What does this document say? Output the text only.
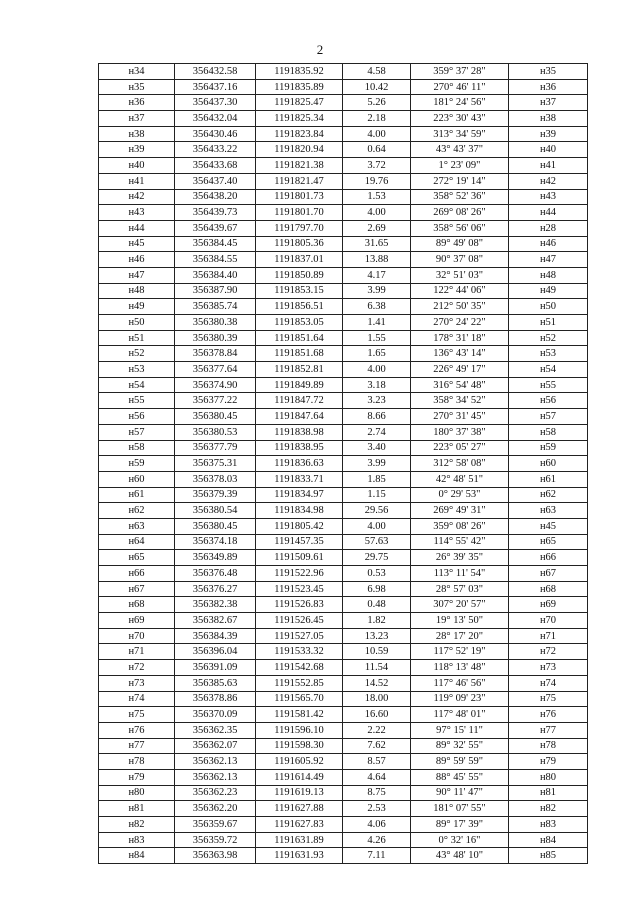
2
н34	356432.58	1191835.92	4.58	359° 37' 28"	н35
н35	356437.16	1191835.89	10.42	270° 46' 11"	н36
н36	356437.30	1191825.47	5.26	181° 24' 56"	н37
н37	356432.04	1191825.34	2.18	223° 30' 43"	н38
н38	356430.46	1191823.84	4.00	313° 34' 59"	н39
н39	356433.22	1191820.94	0.64	43° 43' 37"	н40
н40	356433.68	1191821.38	3.72	1° 23' 09"	н41
н41	356437.40	1191821.47	19.76	272° 19' 14"	н42
н42	356438.20	1191801.73	1.53	358° 52' 36"	н43
н43	356439.73	1191801.70	4.00	269° 08' 26"	н44
н44	356439.67	1191797.70	2.69	358° 56' 06"	н28
н45	356384.45	1191805.36	31.65	89° 49' 08"	н46
н46	356384.55	1191837.01	13.88	90° 37' 08"	н47
н47	356384.40	1191850.89	4.17	32° 51' 03"	н48
н48	356387.90	1191853.15	3.99	122° 44' 06"	н49
н49	356385.74	1191856.51	6.38	212° 50' 35"	н50
н50	356380.38	1191853.05	1.41	270° 24' 22"	н51
н51	356380.39	1191851.64	1.55	178° 31' 18"	н52
н52	356378.84	1191851.68	1.65	136° 43' 14"	н53
н53	356377.64	1191852.81	4.00	226° 49' 17"	н54
н54	356374.90	1191849.89	3.18	316° 54' 48"	н55
н55	356377.22	1191847.72	3.23	358° 34' 52"	н56
н56	356380.45	1191847.64	8.66	270° 31' 45"	н57
н57	356380.53	1191838.98	2.74	180° 37' 38"	н58
н58	356377.79	1191838.95	3.40	223° 05' 27"	н59
н59	356375.31	1191836.63	3.99	312° 58' 08"	н60
н60	356378.03	1191833.71	1.85	42° 48' 51"	н61
н61	356379.39	1191834.97	1.15	0° 29' 53"	н62
н62	356380.54	1191834.98	29.56	269° 49' 31"	н63
н63	356380.45	1191805.42	4.00	359° 08' 26"	н45
н64	356374.18	1191457.35	57.63	114° 55' 42"	н65
н65	356349.89	1191509.61	29.75	26° 39' 35"	н66
н66	356376.48	1191522.96	0.53	113° 11' 54"	н67
н67	356376.27	1191523.45	6.98	28° 57' 03"	н68
н68	356382.38	1191526.83	0.48	307° 20' 57"	н69
н69	356382.67	1191526.45	1.82	19° 13' 50"	н70
н70	356384.39	1191527.05	13.23	28° 17' 20"	н71
н71	356396.04	1191533.32	10.59	117° 52' 19"	н72
н72	356391.09	1191542.68	11.54	118° 13' 48"	н73
н73	356385.63	1191552.85	14.52	117° 46' 56"	н74
н74	356378.86	1191565.70	18.00	119° 09' 23"	н75
н75	356370.09	1191581.42	16.60	117° 48' 01"	н76
н76	356362.35	1191596.10	2.22	97° 15' 11"	н77
н77	356362.07	1191598.30	7.62	89° 32' 55"	н78
н78	356362.13	1191605.92	8.57	89° 59' 59"	н79
н79	356362.13	1191614.49	4.64	88° 45' 55"	н80
н80	356362.23	1191619.13	8.75	90° 11' 47"	н81
н81	356362.20	1191627.88	2.53	181° 07' 55"	н82
н82	356359.67	1191627.83	4.06	89° 17' 39"	н83
н83	356359.72	1191631.89	4.26	0° 32' 16"	н84
н84	356363.98	1191631.93	7.11	43° 48' 10"	н85
